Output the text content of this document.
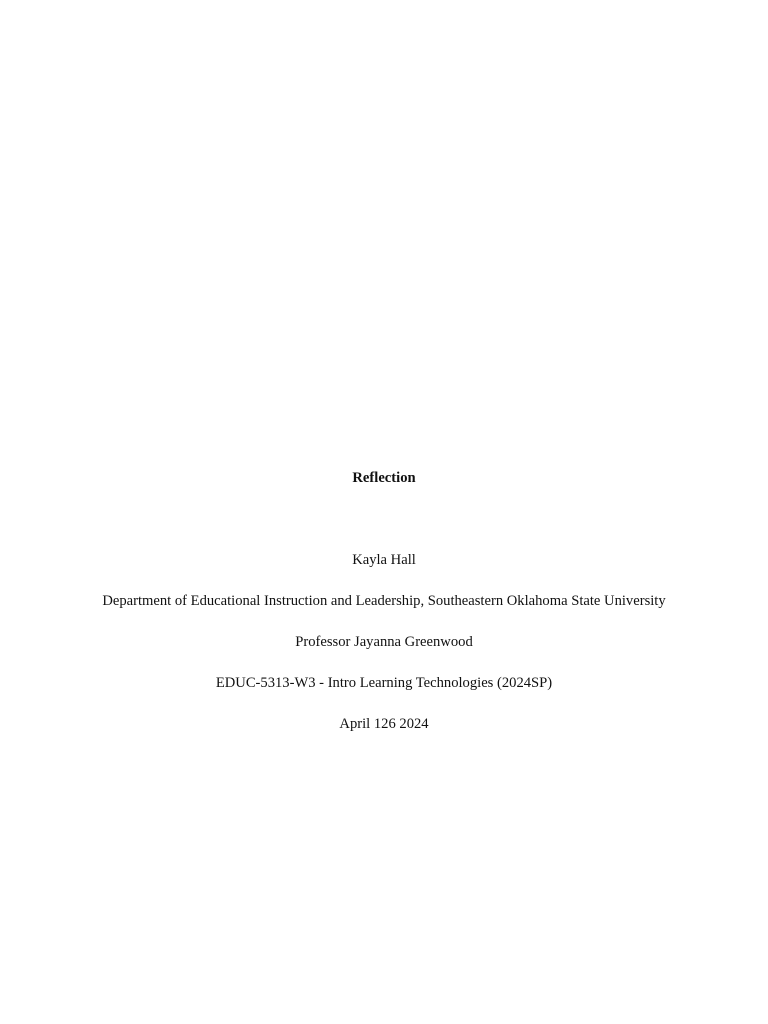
Reflection
Kayla Hall
Department of Educational Instruction and Leadership, Southeastern Oklahoma State University
Professor Jayanna Greenwood
EDUC-5313-W3 - Intro Learning Technologies (2024SP)
April 126 2024
